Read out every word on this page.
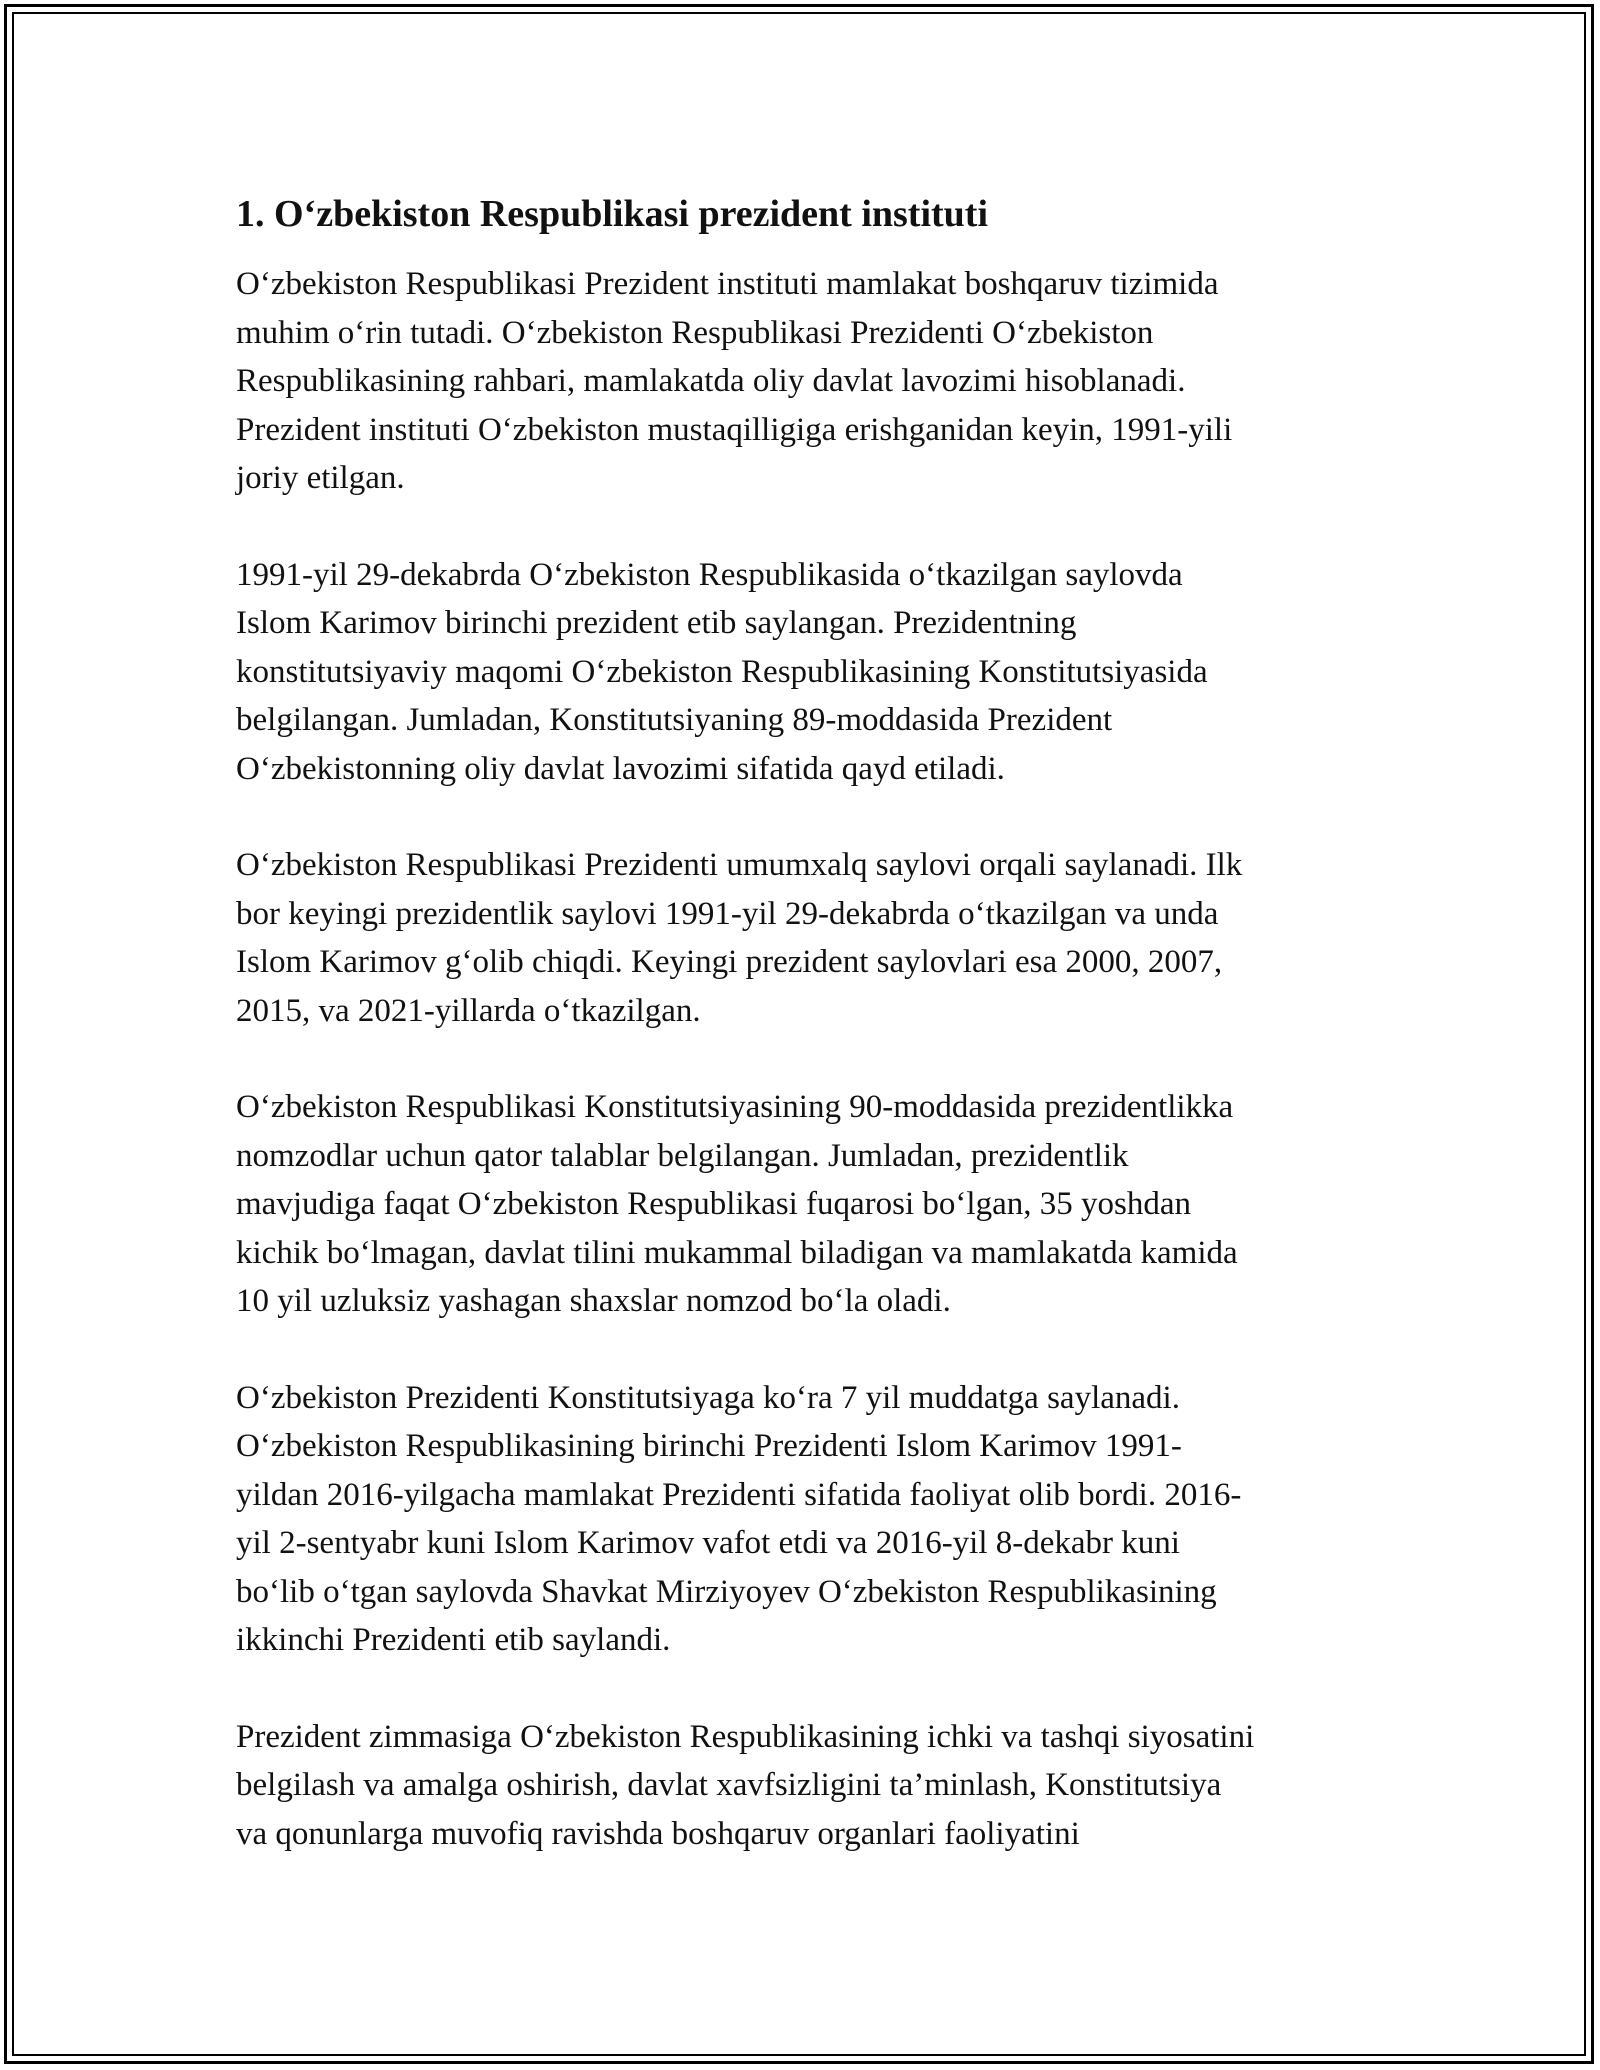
1. O‘zbekiston Respublikasi prezident instituti
O‘zbekiston Respublikasi Prezident instituti mamlakat boshqaruv tizimida
muhim o‘rin tutadi. O‘zbekiston Respublikasi Prezidenti O‘zbekiston
Respublikasining rahbari, mamlakatda oliy davlat lavozimi hisoblanadi.
Prezident instituti O‘zbekiston mustaqilligiga erishganidan keyin, 1991-yili
joriy etilgan.
1991-yil 29-dekabrda O‘zbekiston Respublikasida o‘tkazilgan saylovda
Islom Karimov birinchi prezident etib saylangan. Prezidentning
konstitutsiyaviy maqomi O‘zbekiston Respublikasining Konstitutsiyasida
belgilangan. Jumladan, Konstitutsiyaning 89-moddasida Prezident
O‘zbekistonning oliy davlat lavozimi sifatida qayd etiladi.
O‘zbekiston Respublikasi Prezidenti umumxalq saylovi orqali saylanadi. Ilk
bor keyingi prezidentlik saylovi 1991-yil 29-dekabrda o‘tkazilgan va unda
Islom Karimov g‘olib chiqdi. Keyingi prezident saylovlari esa 2000, 2007,
2015, va 2021-yillarda o‘tkazilgan.
O‘zbekiston Respublikasi Konstitutsiyasining 90-moddasida prezidentlikka
nomzodlar uchun qator talablar belgilangan. Jumladan, prezidentlik
mavjudiga faqat O‘zbekiston Respublikasi fuqarosi bo‘lgan, 35 yoshdan
kichik bo‘lmagan, davlat tilini mukammal biladigan va mamlakatda kamida
10 yil uzluksiz yashagan shaxslar nomzod bo‘la oladi.
O‘zbekiston Prezidenti Konstitutsiyaga ko‘ra 7 yil muddatga saylanadi.
O‘zbekiston Respublikasining birinchi Prezidenti Islom Karimov 1991-
yildan 2016-yilgacha mamlakat Prezidenti sifatida faoliyat olib bordi. 2016-
yil 2-sentyabr kuni Islom Karimov vafot etdi va 2016-yil 8-dekabr kuni
bo‘lib o‘tgan saylovda Shavkat Mirziyoyev O‘zbekiston Respublikasining
ikkinchi Prezidenti etib saylandi.
Prezident zimmasiga O‘zbekiston Respublikasining ichki va tashqi siyosatini
belgilash va amalga oshirish, davlat xavfsizligini ta’minlash, Konstitutsiya
va qonunlarga muvofiq ravishda boshqaruv organlari faoliyatini
